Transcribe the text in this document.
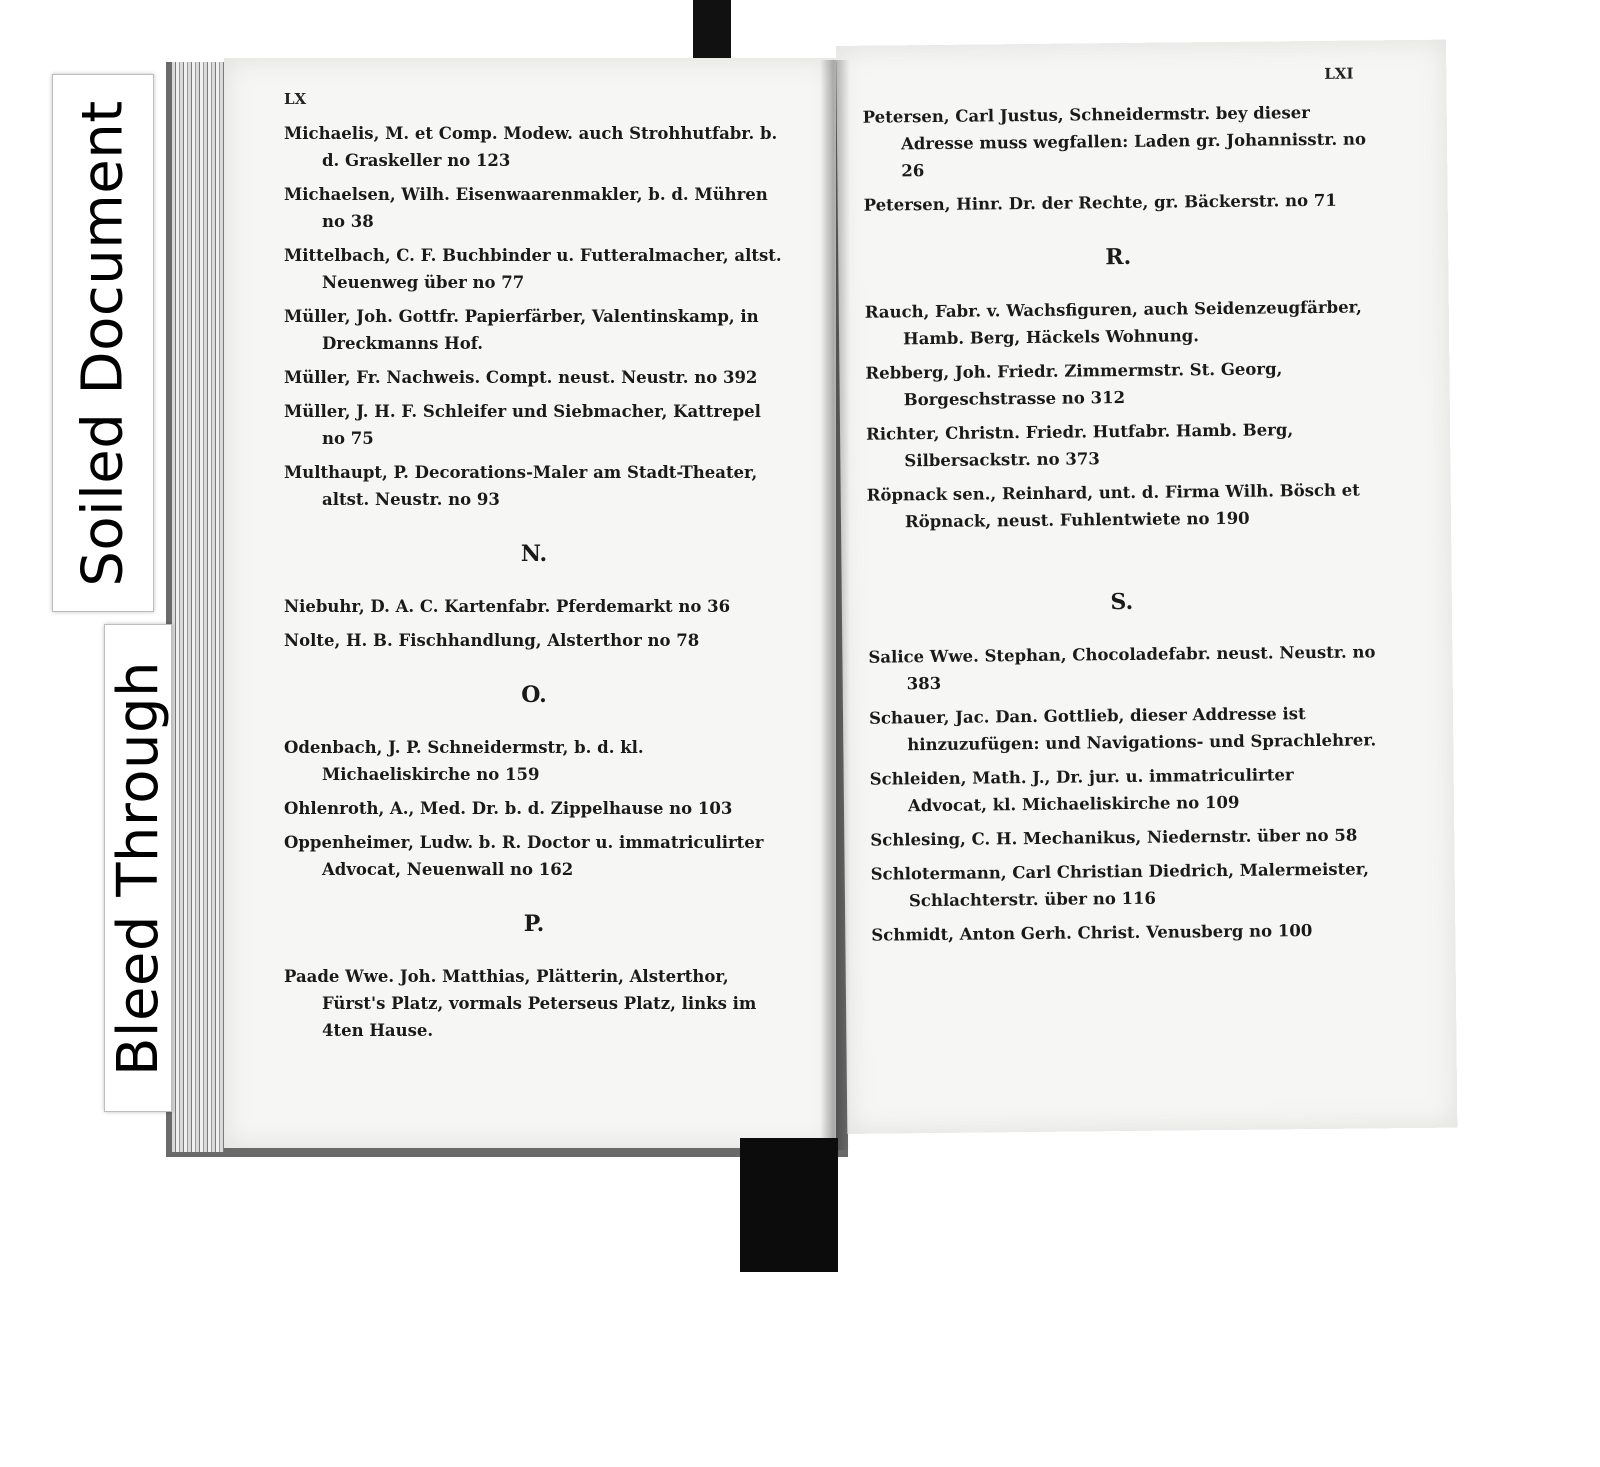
LX

Michaelis, M. et Comp. Modew. auch Strohhutfabr. b. d. Graskeller no 123

Michaelsen, Wilh. Eisenwaarenmakler, b. d. Mühren no 38

Mittelbach, C. F. Buchbinder u. Futteralmacher, altst. Neuenweg über no 77

Müller, Joh. Gottfr. Papierfärber, Valentinskamp, in Dreckmanns Hof.

Müller, Fr. Nachweis. Compt. neust. Neustr. no 392

Müller, J. H. F. Schleifer und Siebmacher, Kattrepel no 75

Multhaupt, P. Decorations-Maler am Stadt-Theater, altst. Neustr. no 93

N.

Niebuhr, D. A. C. Kartenfabr. Pferdemarkt no 36

Nolte, H. B. Fischhandlung, Alsterthor no 78

O.

Odenbach, J. P. Schneidermstr, b. d. kl. Michaeliskirche no 159

Ohlenroth, A., Med. Dr. b. d. Zippelhause no 103

Oppenheimer, Ludw. b. R. Doctor u. immatriculirter Advocat, Neuenwall no 162

P.

Paade Wwe. Joh. Matthias, Plätterin, Alsterthor, Fürst's Platz, vormals Peterseus Platz, links im 4ten Hause.

LXI

Petersen, Carl Justus, Schneidermstr. bey dieser Adresse muss wegfallen: Laden gr. Johannisstr. no 26

Petersen, Hinr. Dr. der Rechte, gr. Bäckerstr. no 71

R.

Rauch, Fabr. v. Wachsfiguren, auch Seidenzeugfärber, Hamb. Berg, Häckels Wohnung.

Rebberg, Joh. Friedr. Zimmermstr. St. Georg, Borgeschstrasse no 312

Richter, Christn. Friedr. Hutfabr. Hamb. Berg, Silbersackstr. no 373

Röpnack sen., Reinhard, unt. d. Firma Wilh. Bösch et Röpnack, neust. Fuhlentwiete no 190

S.

Salice Wwe. Stephan, Chocoladefabr. neust. Neustr. no 383

Schauer, Jac. Dan. Gottlieb, dieser Addresse ist hinzuzufügen: und Navigations- und Sprachlehrer.

Schleiden, Math. J., Dr. jur. u. immatriculirter Advocat, kl. Michaeliskirche no 109

Schlesing, C. H. Mechanikus, Niedernstr. über no 58

Schlotermann, Carl Christian Diedrich, Malermeister, Schlachterstr. über no 116

Schmidt, Anton Gerh. Christ. Venusberg no 100

Soiled Document
Bleed Through
